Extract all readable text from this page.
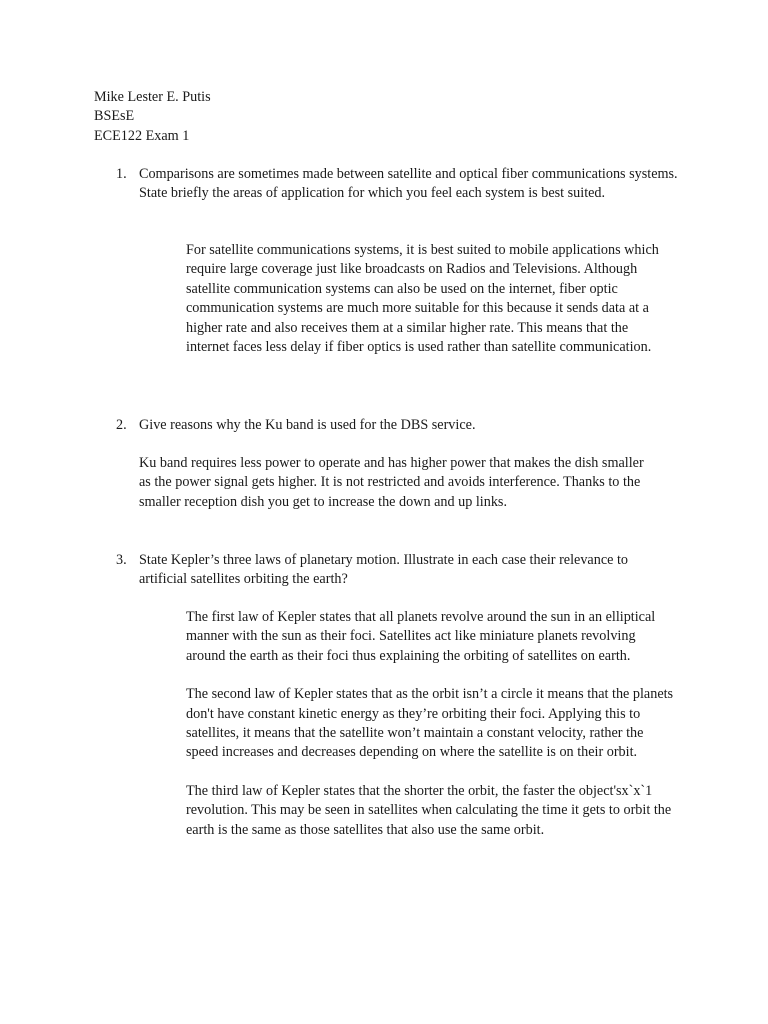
Mike Lester E. Putis
BSEsE
ECE122 Exam 1
1. Comparisons are sometimes made between satellite and optical fiber communications systems. State briefly the areas of application for which you feel each system is best suited.

For satellite communications systems, it is best suited to mobile applications which require large coverage just like broadcasts on Radios and Televisions. Although satellite communication systems can also be used on the internet, fiber optic communication systems are much more suitable for this because it sends data at a higher rate and also receives them at a similar higher rate. This means that the internet faces less delay if fiber optics is used rather than satellite communication.

2. Give reasons why the Ku band is used for the DBS service.

Ku band requires less power to operate and has higher power that makes the dish smaller as the power signal gets higher. It is not restricted and avoids interference. Thanks to the smaller reception dish you get to increase the down and up links.

3. State Kepler’s three laws of planetary motion. Illustrate in each case their relevance to artificial satellites orbiting the earth?

The first law of Kepler states that all planets revolve around the sun in an elliptical manner with the sun as their foci. Satellites act like miniature planets revolving around the earth as their foci thus explaining the orbiting of satellites on earth.

The second law of Kepler states that as the orbit isn’t a circle it means that the planets don't have constant kinetic energy as they’re orbiting their foci. Applying this to satellites, it means that the satellite won’t maintain a constant velocity, rather the speed increases and decreases depending on where the satellite is on their orbit.

The third law of Kepler states that the shorter the orbit, the faster the object'sx`x`1 revolution. This may be seen in satellites when calculating the time it gets to orbit the earth is the same as those satellites that also use the same orbit.
